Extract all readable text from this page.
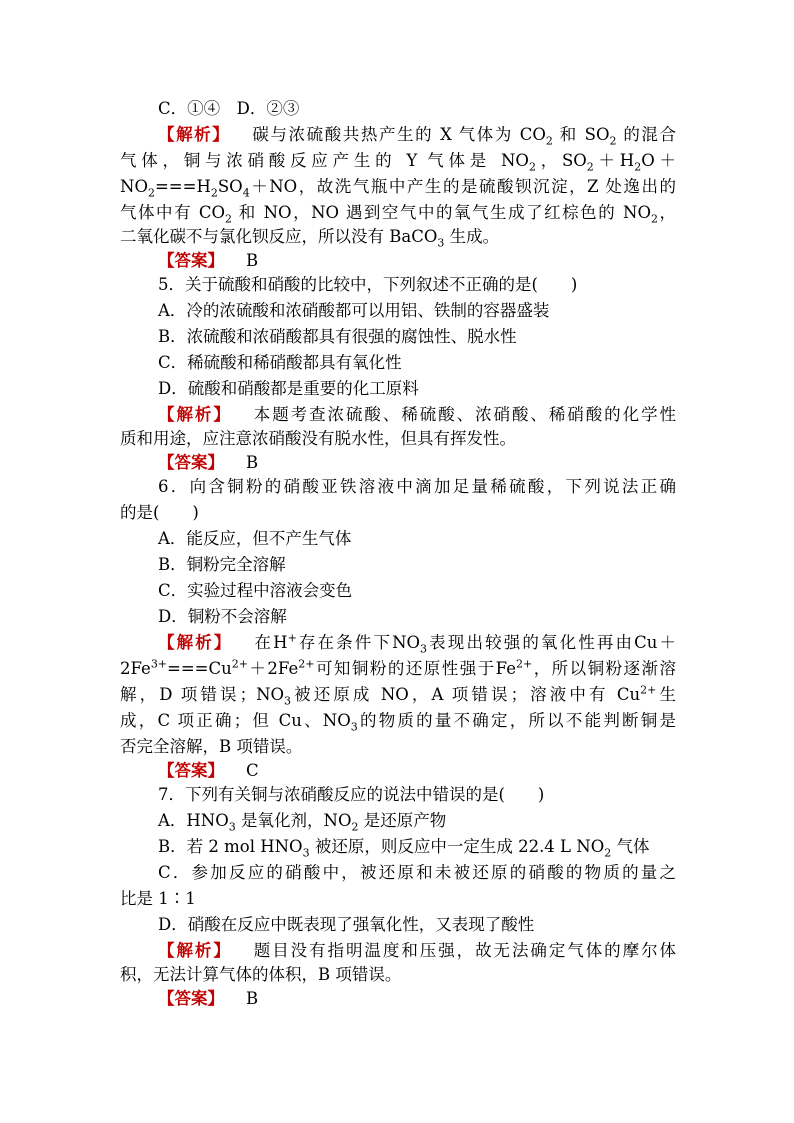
C．①④　D．②③
【解析】 碳与浓硫酸共热产生的 X 气体为 $CO_2$ 和 $SO_2$ 的混合
气体，铜与浓硝酸反应产生的 Y 气体是 $NO_2$，$SO_2+H_2O+$
$NO_2===H_2SO_4+NO$，故洗气瓶中产生的是硫酸钡沉淀，Z 处逸出的
气体中有 $CO_2$ 和 NO，NO 遇到空气中的氧气生成了红棕色的 $NO_2$，
二氧化碳不与氯化钡反应，所以没有 BaCO$_3$ 生成。
【答案】 B
5．关于硫酸和硝酸的比较中，下列叙述不正确的是(　　)
A．冷的浓硫酸和浓硝酸都可以用铝、铁制的容器盛装
B．浓硫酸和浓硝酸都具有很强的腐蚀性、脱水性
C．稀硫酸和稀硝酸都具有氧化性
D．硫酸和硝酸都是重要的化工原料
【解析】 本题考查浓硫酸、稀硫酸、浓硝酸、稀硝酸的化学性
质和用途，应注意浓硝酸没有脱水性，但具有挥发性。
【答案】 B
6．向含铜粉的硝酸亚铁溶液中滴加足量稀硫酸，下列说法正确
的是(　　)
A．能反应，但不产生气体
B．铜粉完全溶解
C．实验过程中溶液会变色
D．铜粉不会溶解
【解析】 在H+存在条件下$NO_3$表现出较强的氧化性再由Cu＋
$2Fe^{3+}===Cu^{2+}+2Fe^{2+}$可知铜粉的还原性强于$Fe^{2+}$，所以铜粉逐渐溶
解，D 项错误；$NO_3$被还原成 NO，A 项错误；溶液中有 $Cu^{2+}$生
成，C 项正确；但 Cu、$NO_3$的物质的量不确定，所以不能判断铜是
否完全溶解，B 项错误。
【答案】 C
7．下列有关铜与浓硝酸反应的说法中错误的是(　　)
A．$HNO_3$ 是氧化剂，$NO_2$ 是还原产物
B．若 2 mol $HNO_3$ 被还原，则反应中一定生成 22.4 L $NO_2$ 气体
C．参加反应的硝酸中，被还原和未被还原的硝酸的物质的量之
比是 1∶1
D．硝酸在反应中既表现了强氧化性，又表现了酸性
【解析】 题目没有指明温度和压强，故无法确定气体的摩尔体
积，无法计算气体的体积，B 项错误。
【答案】 B
